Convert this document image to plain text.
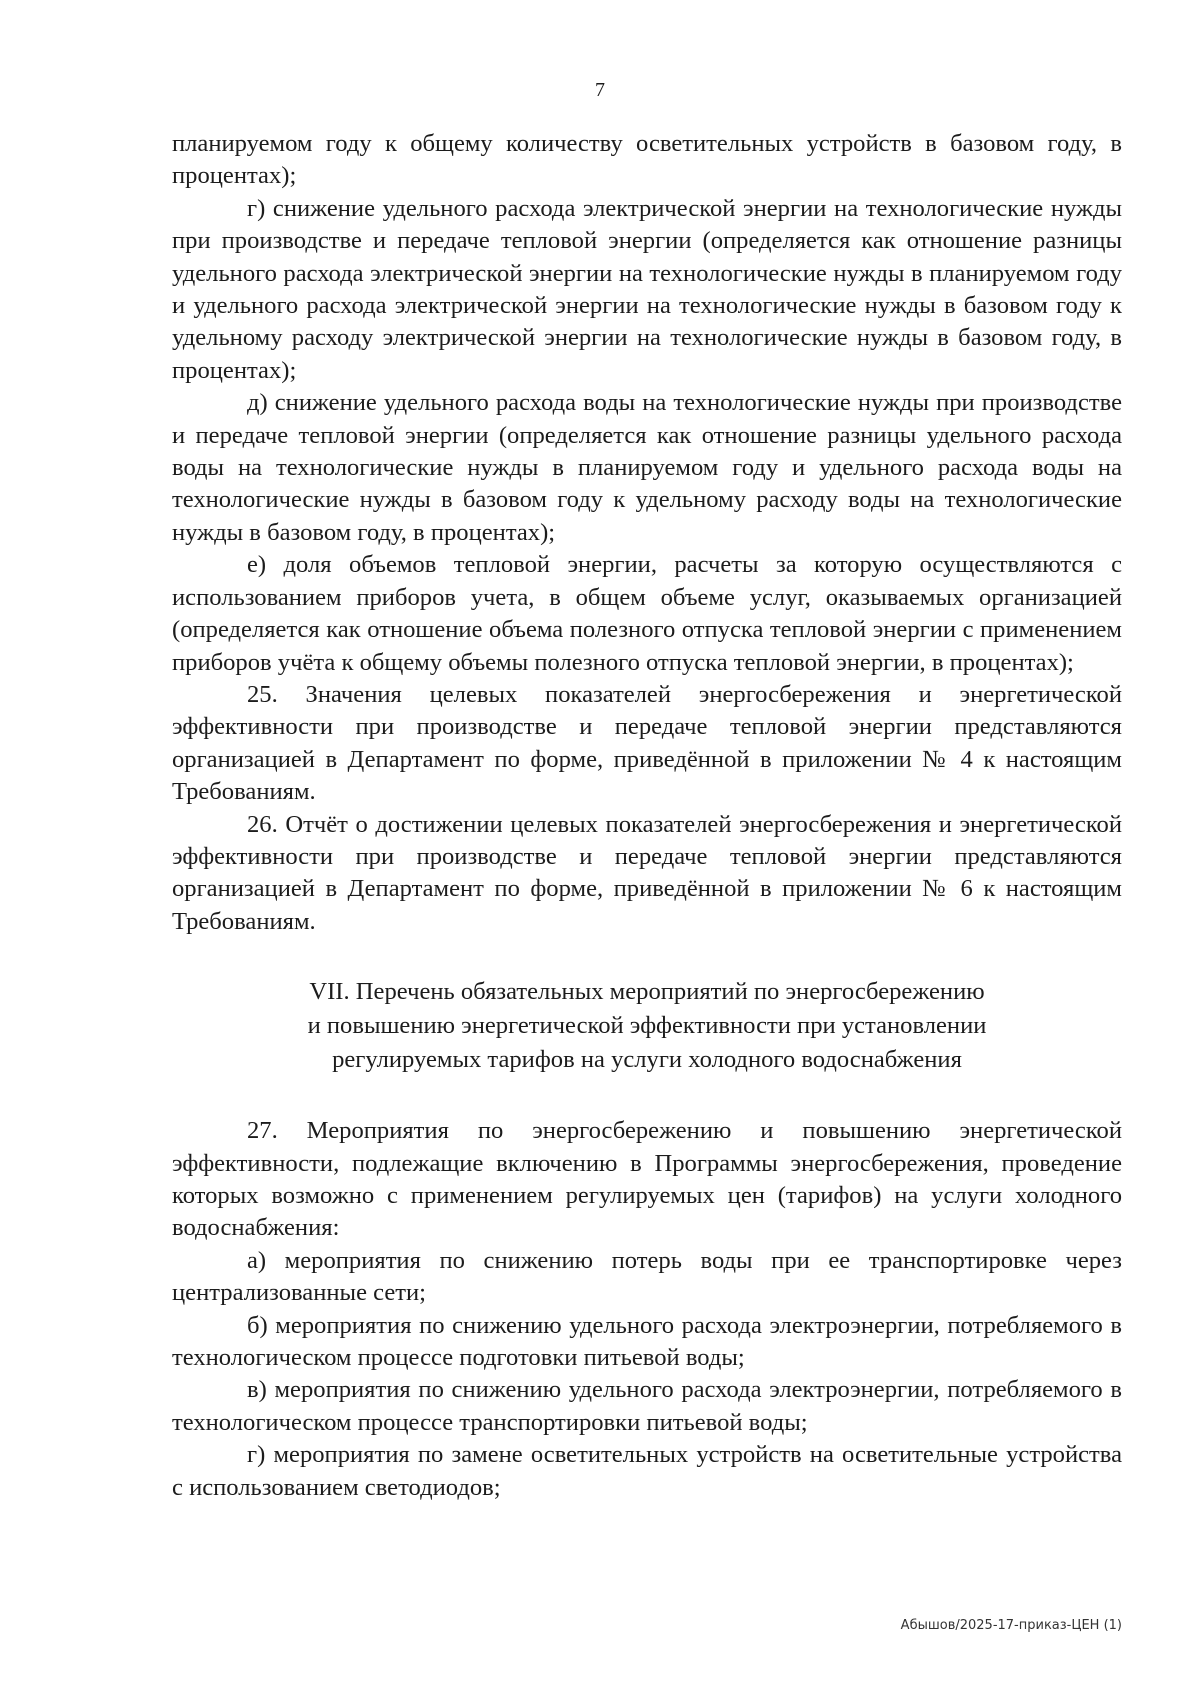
7

планируемом году к общему количеству осветительных устройств в базовом году, в процентах);

г) снижение удельного расхода электрической энергии на технологические нужды при производстве и передаче тепловой энергии (определяется как отношение разницы удельного расхода электрической энергии на технологические нужды в планируемом году и удельного расхода электрической энергии на технологические нужды в базовом году к удельному расходу электрической энергии на технологические нужды в базовом году, в процентах);

д) снижение удельного расхода воды на технологические нужды при производстве и передаче тепловой энергии (определяется как отношение разницы удельного расхода воды на технологические нужды в планируемом году и удельного расхода воды на технологические нужды в базовом году к удельному расходу воды на технологические нужды в базовом году, в процентах);

е) доля объемов тепловой энергии, расчеты за которую осуществляются с использованием приборов учета, в общем объеме услуг, оказываемых организацией (определяется как отношение объема полезного отпуска тепловой энергии с применением приборов учёта к общему объемы полезного отпуска тепловой энергии, в процентах);

25. Значения целевых показателей энергосбережения и энергетической эффективности при производстве и передаче тепловой энергии представляются организацией в Департамент по форме, приведённой в приложении № 4 к настоящим Требованиям.

26. Отчёт о достижении целевых показателей энергосбережения и энергетической эффективности при производстве и передаче тепловой энергии представляются организацией в Департамент по форме, приведённой в приложении № 6 к настоящим Требованиям.

VII. Перечень обязательных мероприятий по энергосбережению
и повышению энергетической эффективности при установлении
регулируемых тарифов на услуги холодного водоснабжения

27. Мероприятия по энергосбережению и повышению энергетической эффективности, подлежащие включению в Программы энергосбережения, проведение которых возможно с применением регулируемых цен (тарифов) на услуги холодного водоснабжения:

а) мероприятия по снижению потерь воды при ее транспортировке через централизованные сети;

б) мероприятия по снижению удельного расхода электроэнергии, потребляемого в технологическом процессе подготовки питьевой воды;

в) мероприятия по снижению удельного расхода электроэнергии, потребляемого в технологическом процессе транспортировки питьевой воды;

г) мероприятия по замене осветительных устройств на осветительные устройства с использованием светодиодов;

Абышов/2025-17-приказ-ЦЕН (1)
